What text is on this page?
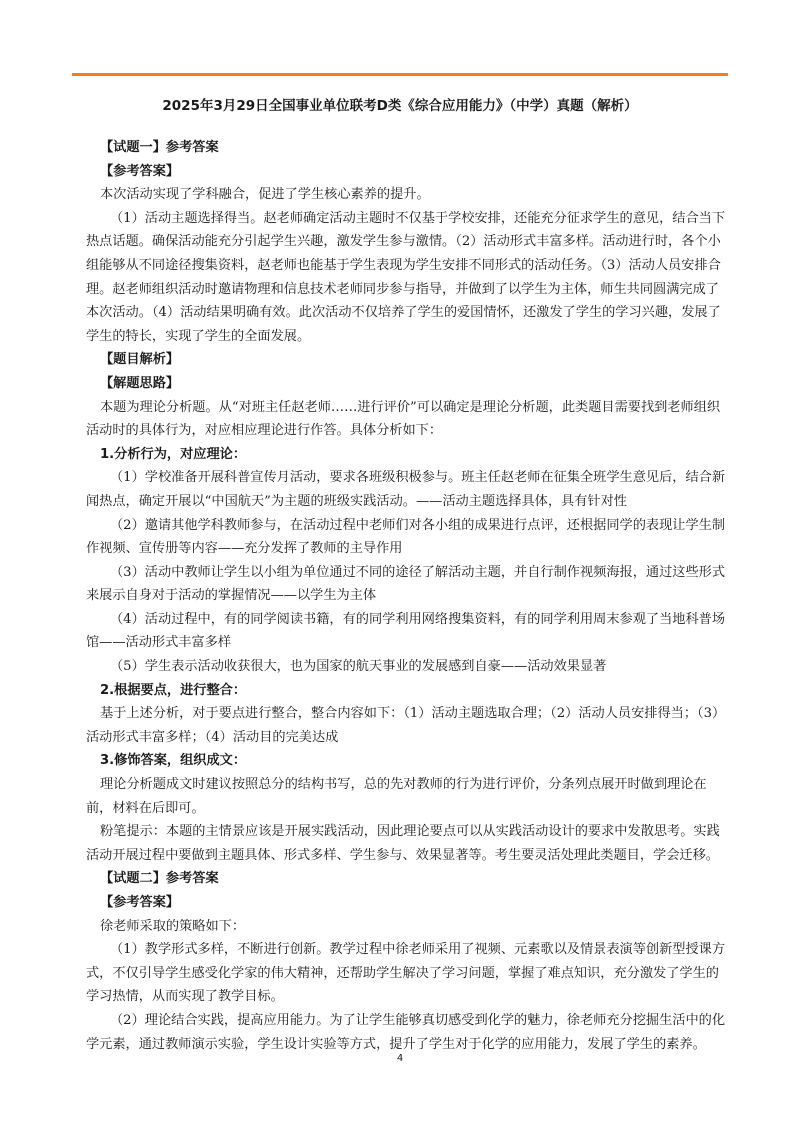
2025年3月29日全国事业单位联考D类《综合应用能力》（中学）真题（解析）

【试题一】参考答案

【参考答案】

本次活动实现了学科融合，促进了学生核心素养的提升。

（1）活动主题选择得当。赵老师确定活动主题时不仅基于学校安排，还能充分征求学生的意见，结合当下热点话题。确保活动能充分引起学生兴趣，激发学生参与激情。（2）活动形式丰富多样。活动进行时，各个小组能够从不同途径搜集资料，赵老师也能基于学生表现为学生安排不同形式的活动任务。（3）活动人员安排合理。赵老师组织活动时邀请物理和信息技术老师同步参与指导，并做到了以学生为主体，师生共同圆满完成了本次活动。（4）活动结果明确有效。此次活动不仅培养了学生的爱国情怀，还激发了学生的学习兴趣，发展了学生的特长，实现了学生的全面发展。

【题目解析】

【解题思路】

本题为理论分析题。从“对班主任赵老师……进行评价”可以确定是理论分析题，此类题目需要找到老师组织活动时的具体行为，对应相应理论进行作答。具体分析如下：

1.分析行为，对应理论：

（1）学校准备开展科普宣传月活动，要求各班级积极参与。班主任赵老师在征集全班学生意见后，结合新闻热点，确定开展以“中国航天”为主题的班级实践活动。——活动主题选择具体，具有针对性

（2）邀请其他学科教师参与，在活动过程中老师们对各小组的成果进行点评，还根据同学的表现让学生制作视频、宣传册等内容——充分发挥了教师的主导作用

（3）活动中教师让学生以小组为单位通过不同的途径了解活动主题，并自行制作视频海报，通过这些形式来展示自身对于活动的掌握情况——以学生为主体

（4）活动过程中，有的同学阅读书籍，有的同学利用网络搜集资料，有的同学利用周末参观了当地科普场馆——活动形式丰富多样

（5）学生表示活动收获很大，也为国家的航天事业的发展感到自豪——活动效果显著

2.根据要点，进行整合：

基于上述分析，对于要点进行整合，整合内容如下：（1）活动主题选取合理；（2）活动人员安排得当；（3）活动形式丰富多样；（4）活动目的完美达成

3.修饰答案，组织成文：

理论分析题成文时建议按照总分的结构书写，总的先对教师的行为进行评价，分条列点展开时做到理论在前，材料在后即可。

粉笔提示：本题的主情景应该是开展实践活动，因此理论要点可以从实践活动设计的要求中发散思考。实践活动开展过程中要做到主题具体、形式多样、学生参与、效果显著等。考生要灵活处理此类题目，学会迁移。

【试题二】参考答案

【参考答案】

徐老师采取的策略如下：

（1）教学形式多样，不断进行创新。教学过程中徐老师采用了视频、元素歌以及情景表演等创新型授课方式，不仅引导学生感受化学家的伟大精神，还帮助学生解决了学习问题，掌握了难点知识，充分激发了学生的学习热情，从而实现了教学目标。

（2）理论结合实践，提高应用能力。为了让学生能够真切感受到化学的魅力，徐老师充分挖掘生活中的化学元素，通过教师演示实验，学生设计实验等方式，提升了学生对于化学的应用能力，发展了学生的素养。

4
